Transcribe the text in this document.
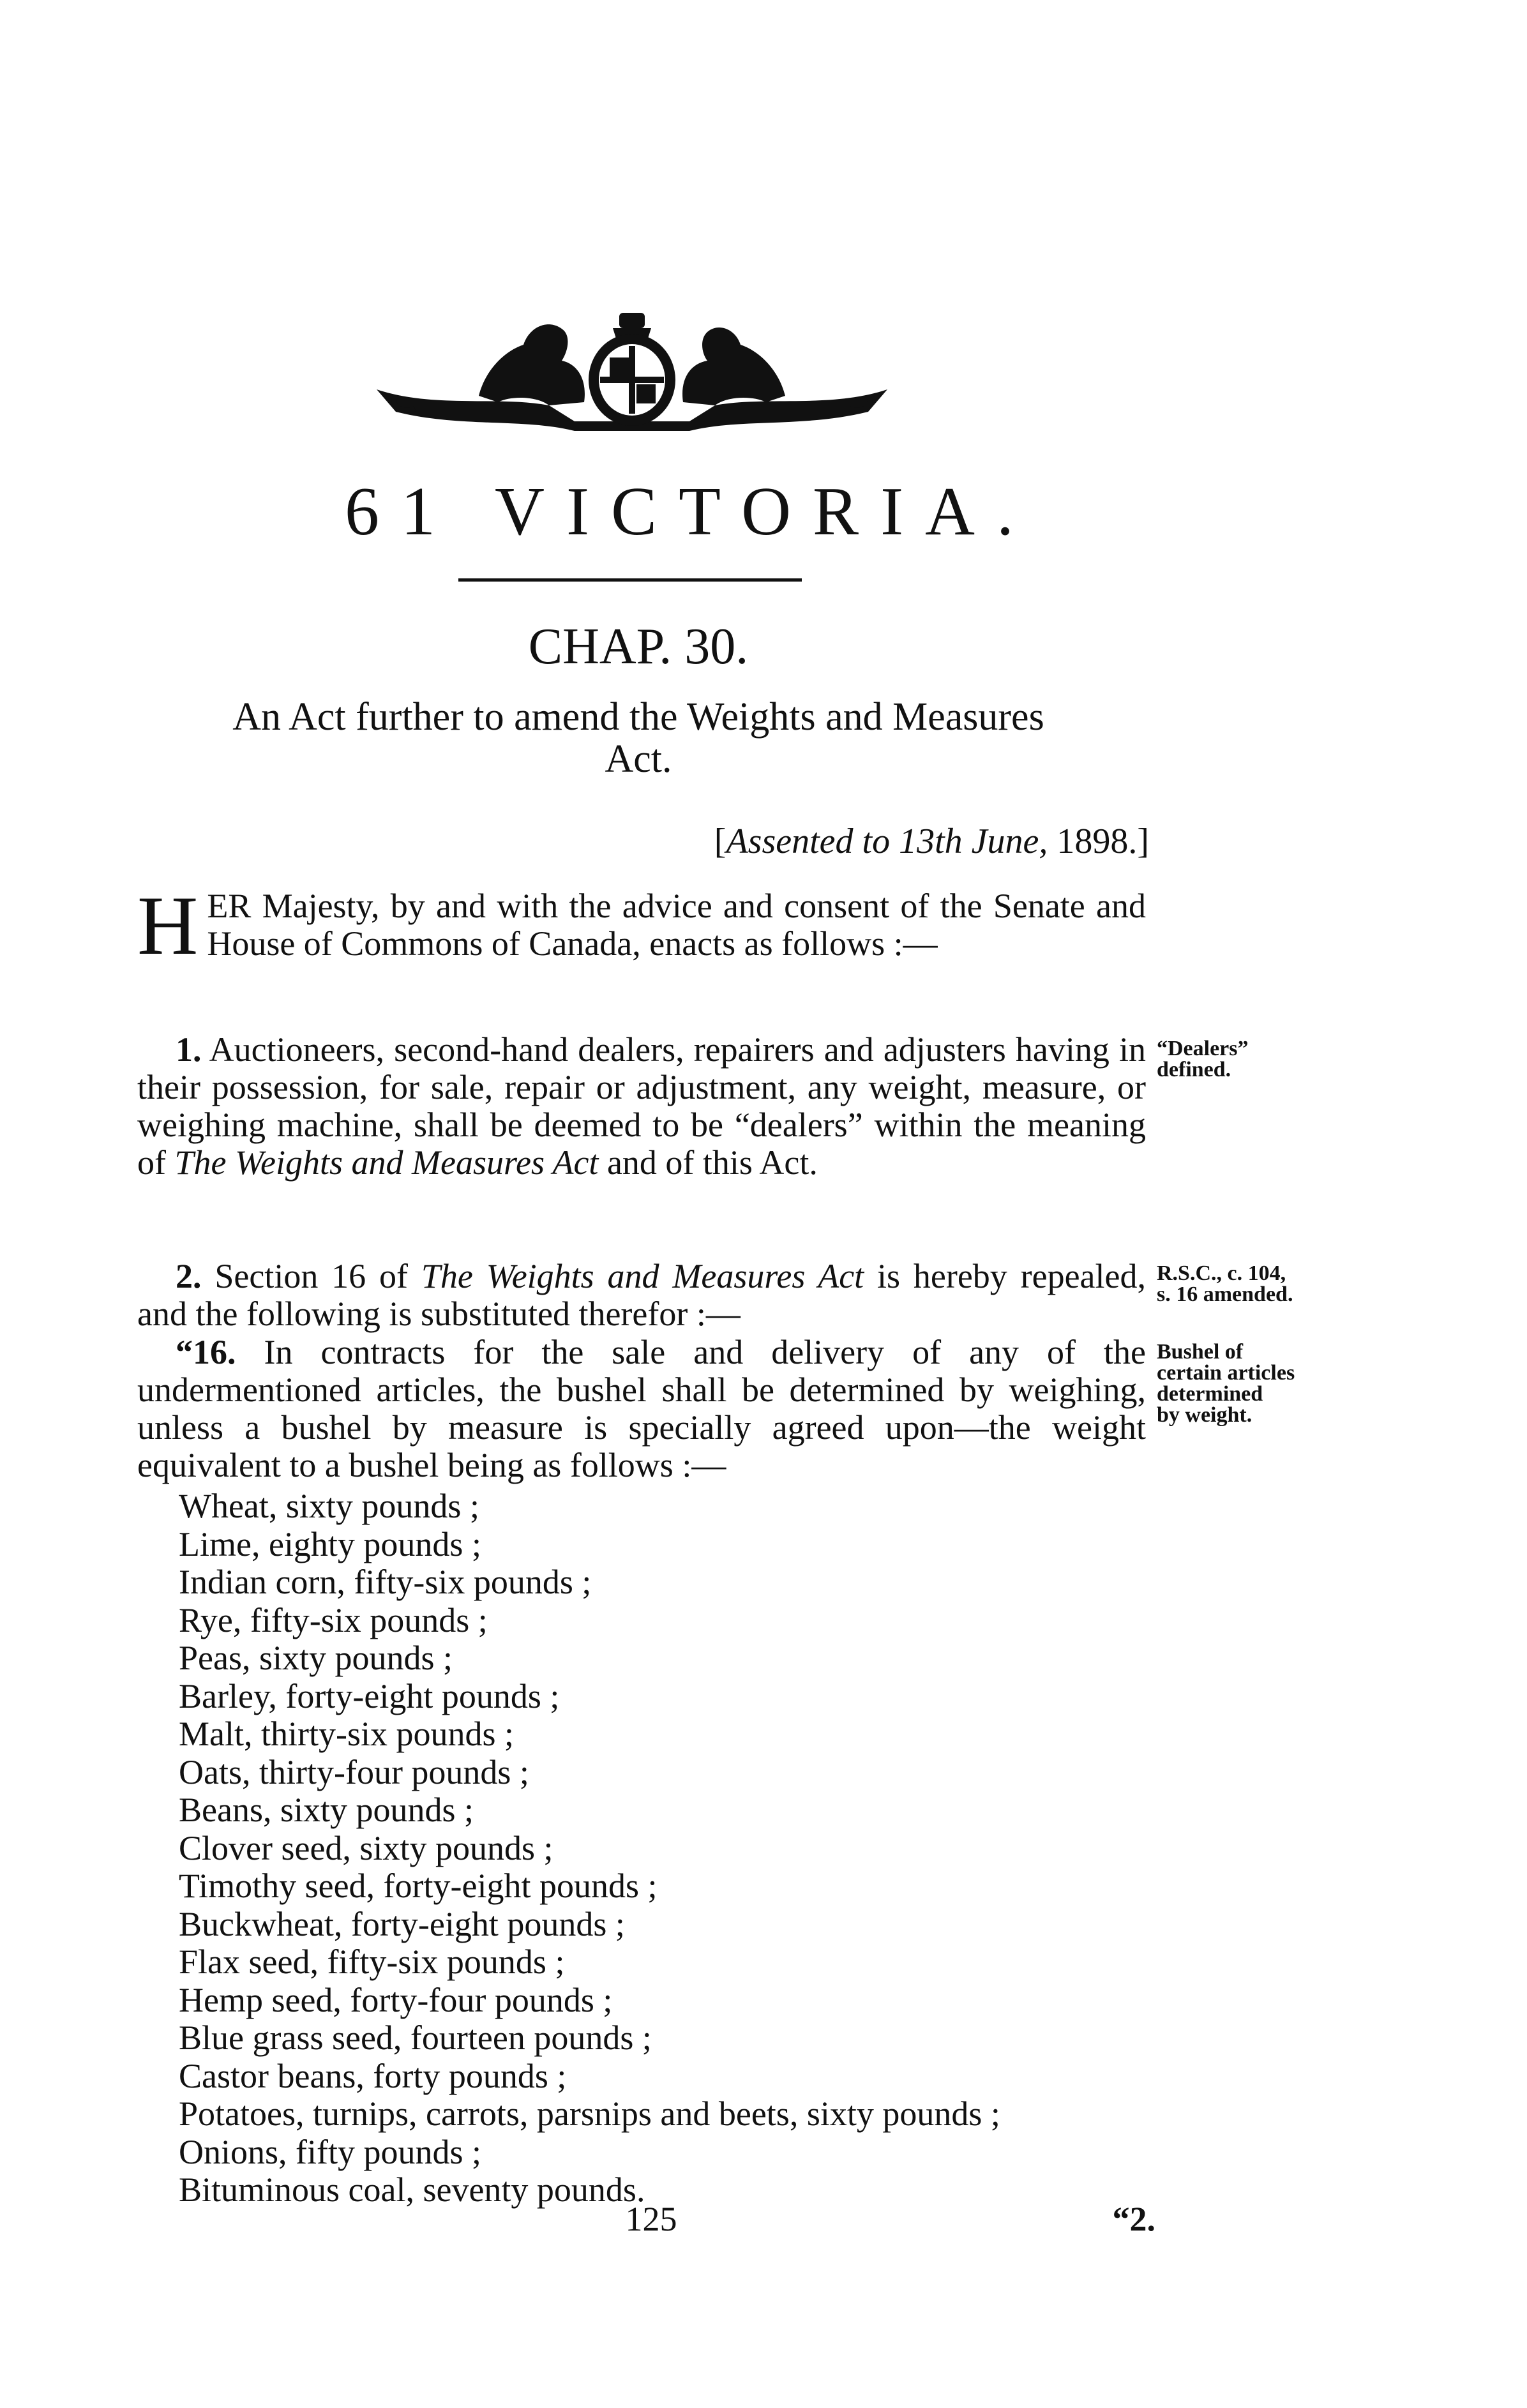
61 VICTORIA.
CHAP. 30.
An Act further to amend the Weights and Measures
Act.
[Assented to 13th June, 1898.]
HER Majesty, by and with the advice and consent of the Senate and House of Commons of Canada, enacts as follows :—
1. Auctioneers, second-hand dealers, repairers and adjusters having in their possession, for sale, repair or adjustment, any weight, measure, or weighing machine, shall be deemed to be “dealers” within the meaning of The Weights and Measures Act and of this Act.
“Dealers”
defined.
2. Section 16 of The Weights and Measures Act is hereby repealed, and the following is substituted therefor :—
R.S.C., c. 104,
s. 16 amended.
“16. In contracts for the sale and delivery of any of the undermentioned articles, the bushel shall be determined by weighing, unless a bushel by measure is specially agreed upon—the weight equivalent to a bushel being as follows :—
Bushel of
certain articles
determined
by weight.
Wheat, sixty pounds ;
Lime, eighty pounds ;
Indian corn, fifty-six pounds ;
Rye, fifty-six pounds ;
Peas, sixty pounds ;
Barley, forty-eight pounds ;
Malt, thirty-six pounds ;
Oats, thirty-four pounds ;
Beans, sixty pounds ;
Clover seed, sixty pounds ;
Timothy seed, forty-eight pounds ;
Buckwheat, forty-eight pounds ;
Flax seed, fifty-six pounds ;
Hemp seed, forty-four pounds ;
Blue grass seed, fourteen pounds ;
Castor beans, forty pounds ;
Potatoes, turnips, carrots, parsnips and beets, sixty pounds ;
Onions, fifty pounds ;
Bituminous coal, seventy pounds.
125	“2.
